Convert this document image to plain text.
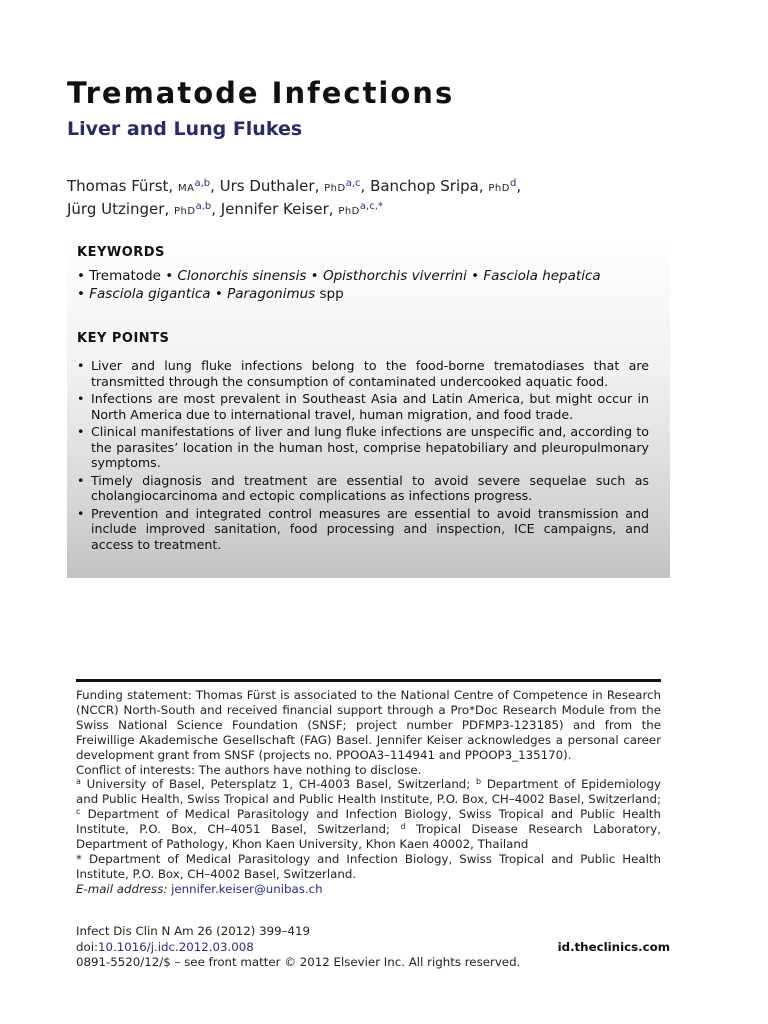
Trematode Infections
Liver and Lung Flukes
Thomas Fürst, MA$^{a,b}$, Urs Duthaler, PhD$^{a,c}$, Banchop Sripa, PhD$^d$,
Jürg Utzinger, PhD$^{a,b}$, Jennifer Keiser, PhD$^{a,c,*}$
KEYWORDS
• Trematode • Clonorchis sinensis • Opisthorchis viverrini • Fasciola hepatica
• Fasciola gigantica • Paragonimus spp
KEY POINTS
• Liver and lung fluke infections belong to the food-borne trematodiases that are transmitted through the consumption of contaminated undercooked aquatic food.
• Infections are most prevalent in Southeast Asia and Latin America, but might occur in North America due to international travel, human migration, and food trade.
• Clinical manifestations of liver and lung fluke infections are unspecific and, according to the parasites’ location in the human host, comprise hepatobiliary and pleuropulmonary symptoms.
• Timely diagnosis and treatment are essential to avoid severe sequelae such as cholangiocarcinoma and ectopic complications as infections progress.
• Prevention and integrated control measures are essential to avoid transmission and include improved sanitation, food processing and inspection, ICE campaigns, and access to treatment.

Funding statement: Thomas Fürst is associated to the National Centre of Competence in Research (NCCR) North-South and received financial support through a Pro*Doc Research Module from the Swiss National Science Foundation (SNSF; project number PDFMP3-123185) and from the Freiwillige Akademische Gesellschaft (FAG) Basel. Jennifer Keiser acknowledges a personal career development grant from SNSF (projects no. PPOOA3–114941 and PPOOP3_135170).

Conflict of interests: The authors have nothing to disclose.

$^a$ University of Basel, Petersplatz 1, CH-4003 Basel, Switzerland; $^b$ Department of Epidemiology and Public Health, Swiss Tropical and Public Health Institute, P.O. Box, CH–4002 Basel, Switzerland; $^c$ Department of Medical Parasitology and Infection Biology, Swiss Tropical and Public Health Institute, P.O. Box, CH–4051 Basel, Switzerland; $^d$ Tropical Disease Research Laboratory, Department of Pathology, Khon Kaen University, Khon Kaen 40002, Thailand

* Department of Medical Parasitology and Infection Biology, Swiss Tropical and Public Health Institute, P.O. Box, CH–4002 Basel, Switzerland.

E-mail address: jennifer.keiser@unibas.ch

Infect Dis Clin N Am 26 (2012) 399–419
doi:10.1016/j.idc.2012.03.008	id.theclinics.com
0891-5520/12/$ – see front matter © 2012 Elsevier Inc. All rights reserved.
